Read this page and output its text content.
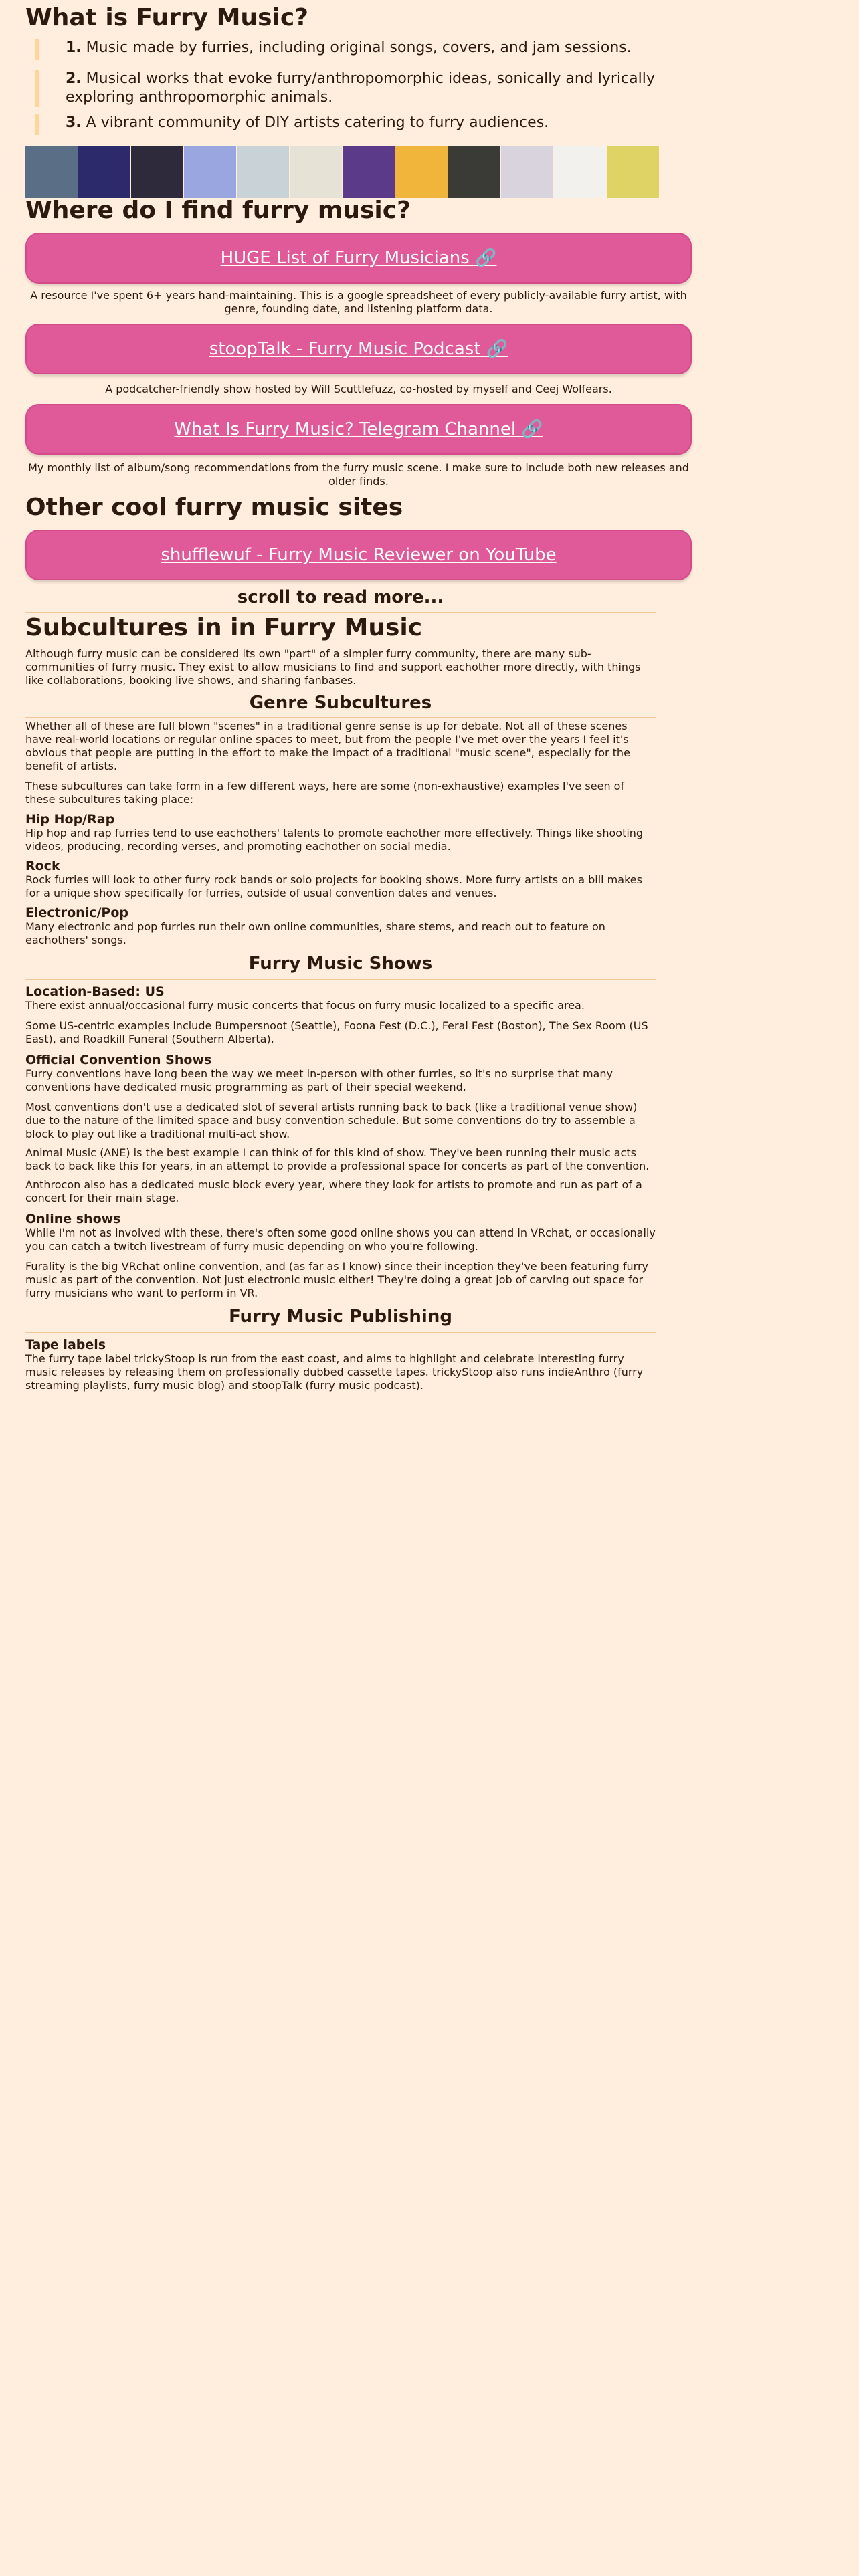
What is Furry Music?
1. Music made by furries, including original songs, covers, and jam sessions.
2. Musical works that evoke furry/anthropomorphic ideas, sonically and lyrically exploring anthropomorphic animals.
3. A vibrant community of DIY artists catering to furry audiences.
Where do I find furry music?
HUGE List of Furry Musicians 🔗

A resource I've spent 6+ years hand-maintaining. This is a google spreadsheet of every publicly-available furry artist, with genre, founding date, and listening platform data.

stoopTalk - Furry Music Podcast 🔗

A podcatcher-friendly show hosted by Will Scuttlefuzz, co-hosted by myself and Ceej Wolfears.

What Is Furry Music? Telegram Channel 🔗

My monthly list of album/song recommendations from the furry music scene. I make sure to include both new releases and older finds.

Other cool furry music sites
shufflewuf - Furry Music Reviewer on YouTube
scroll to read more...
Subcultures in in Furry Music

Although furry music can be considered its own "part" of a simpler furry community, there are many sub-communities of furry music. They exist to allow musicians to find and support eachother more directly, with things like collaborations, booking live shows, and sharing fanbases.

Genre Subcultures

Whether all of these are full blown "scenes" in a traditional genre sense is up for debate. Not all of these scenes have real-world locations or regular online spaces to meet, but from the people I've met over the years I feel it's obvious that people are putting in the effort to make the impact of a traditional "music scene", especially for the benefit of artists.

These subcultures can take form in a few different ways, here are some (non-exhaustive) examples I've seen of these subcultures taking place:

Hip Hop/Rap

Hip hop and rap furries tend to use eachothers' talents to promote eachother more effectively. Things like shooting videos, producing, recording verses, and promoting eachother on social media.

Rock

Rock furries will look to other furry rock bands or solo projects for booking shows. More furry artists on a bill makes for a unique show specifically for furries, outside of usual convention dates and venues.

Electronic/Pop

Many electronic and pop furries run their own online communities, share stems, and reach out to feature on eachothers' songs.

Furry Music Shows
Location-Based: US

There exist annual/occasional furry music concerts that focus on furry music localized to a specific area.

Some US-centric examples include Bumpersnoot (Seattle), Foona Fest (D.C.), Feral Fest (Boston), The Sex Room (US East), and Roadkill Funeral (Southern Alberta).

Official Convention Shows

Furry conventions have long been the way we meet in-person with other furries, so it's no surprise that many conventions have dedicated music programming as part of their special weekend.

Most conventions don't use a dedicated slot of several artists running back to back (like a traditional venue show) due to the nature of the limited space and busy convention schedule. But some conventions do try to assemble a block to play out like a traditional multi-act show.

Animal Music (ANE) is the best example I can think of for this kind of show. They've been running their music acts back to back like this for years, in an attempt to provide a professional space for concerts as part of the convention.

Anthrocon also has a dedicated music block every year, where they look for artists to promote and run as part of a concert for their main stage.

Online shows

While I'm not as involved with these, there's often some good online shows you can attend in VRchat, or occasionally you can catch a twitch livestream of furry music depending on who you're following.

Furality is the big VRchat online convention, and (as far as I know) since their inception they've been featuring furry music as part of the convention. Not just electronic music either! They're doing a great job of carving out space for furry musicians who want to perform in VR.

Furry Music Publishing
Tape labels

The furry tape label trickyStoop is run from the east coast, and aims to highlight and celebrate interesting furry music releases by releasing them on professionally dubbed cassette tapes. trickyStoop also runs indieAnthro (furry streaming playlists, furry music blog) and stoopTalk (furry music podcast).
